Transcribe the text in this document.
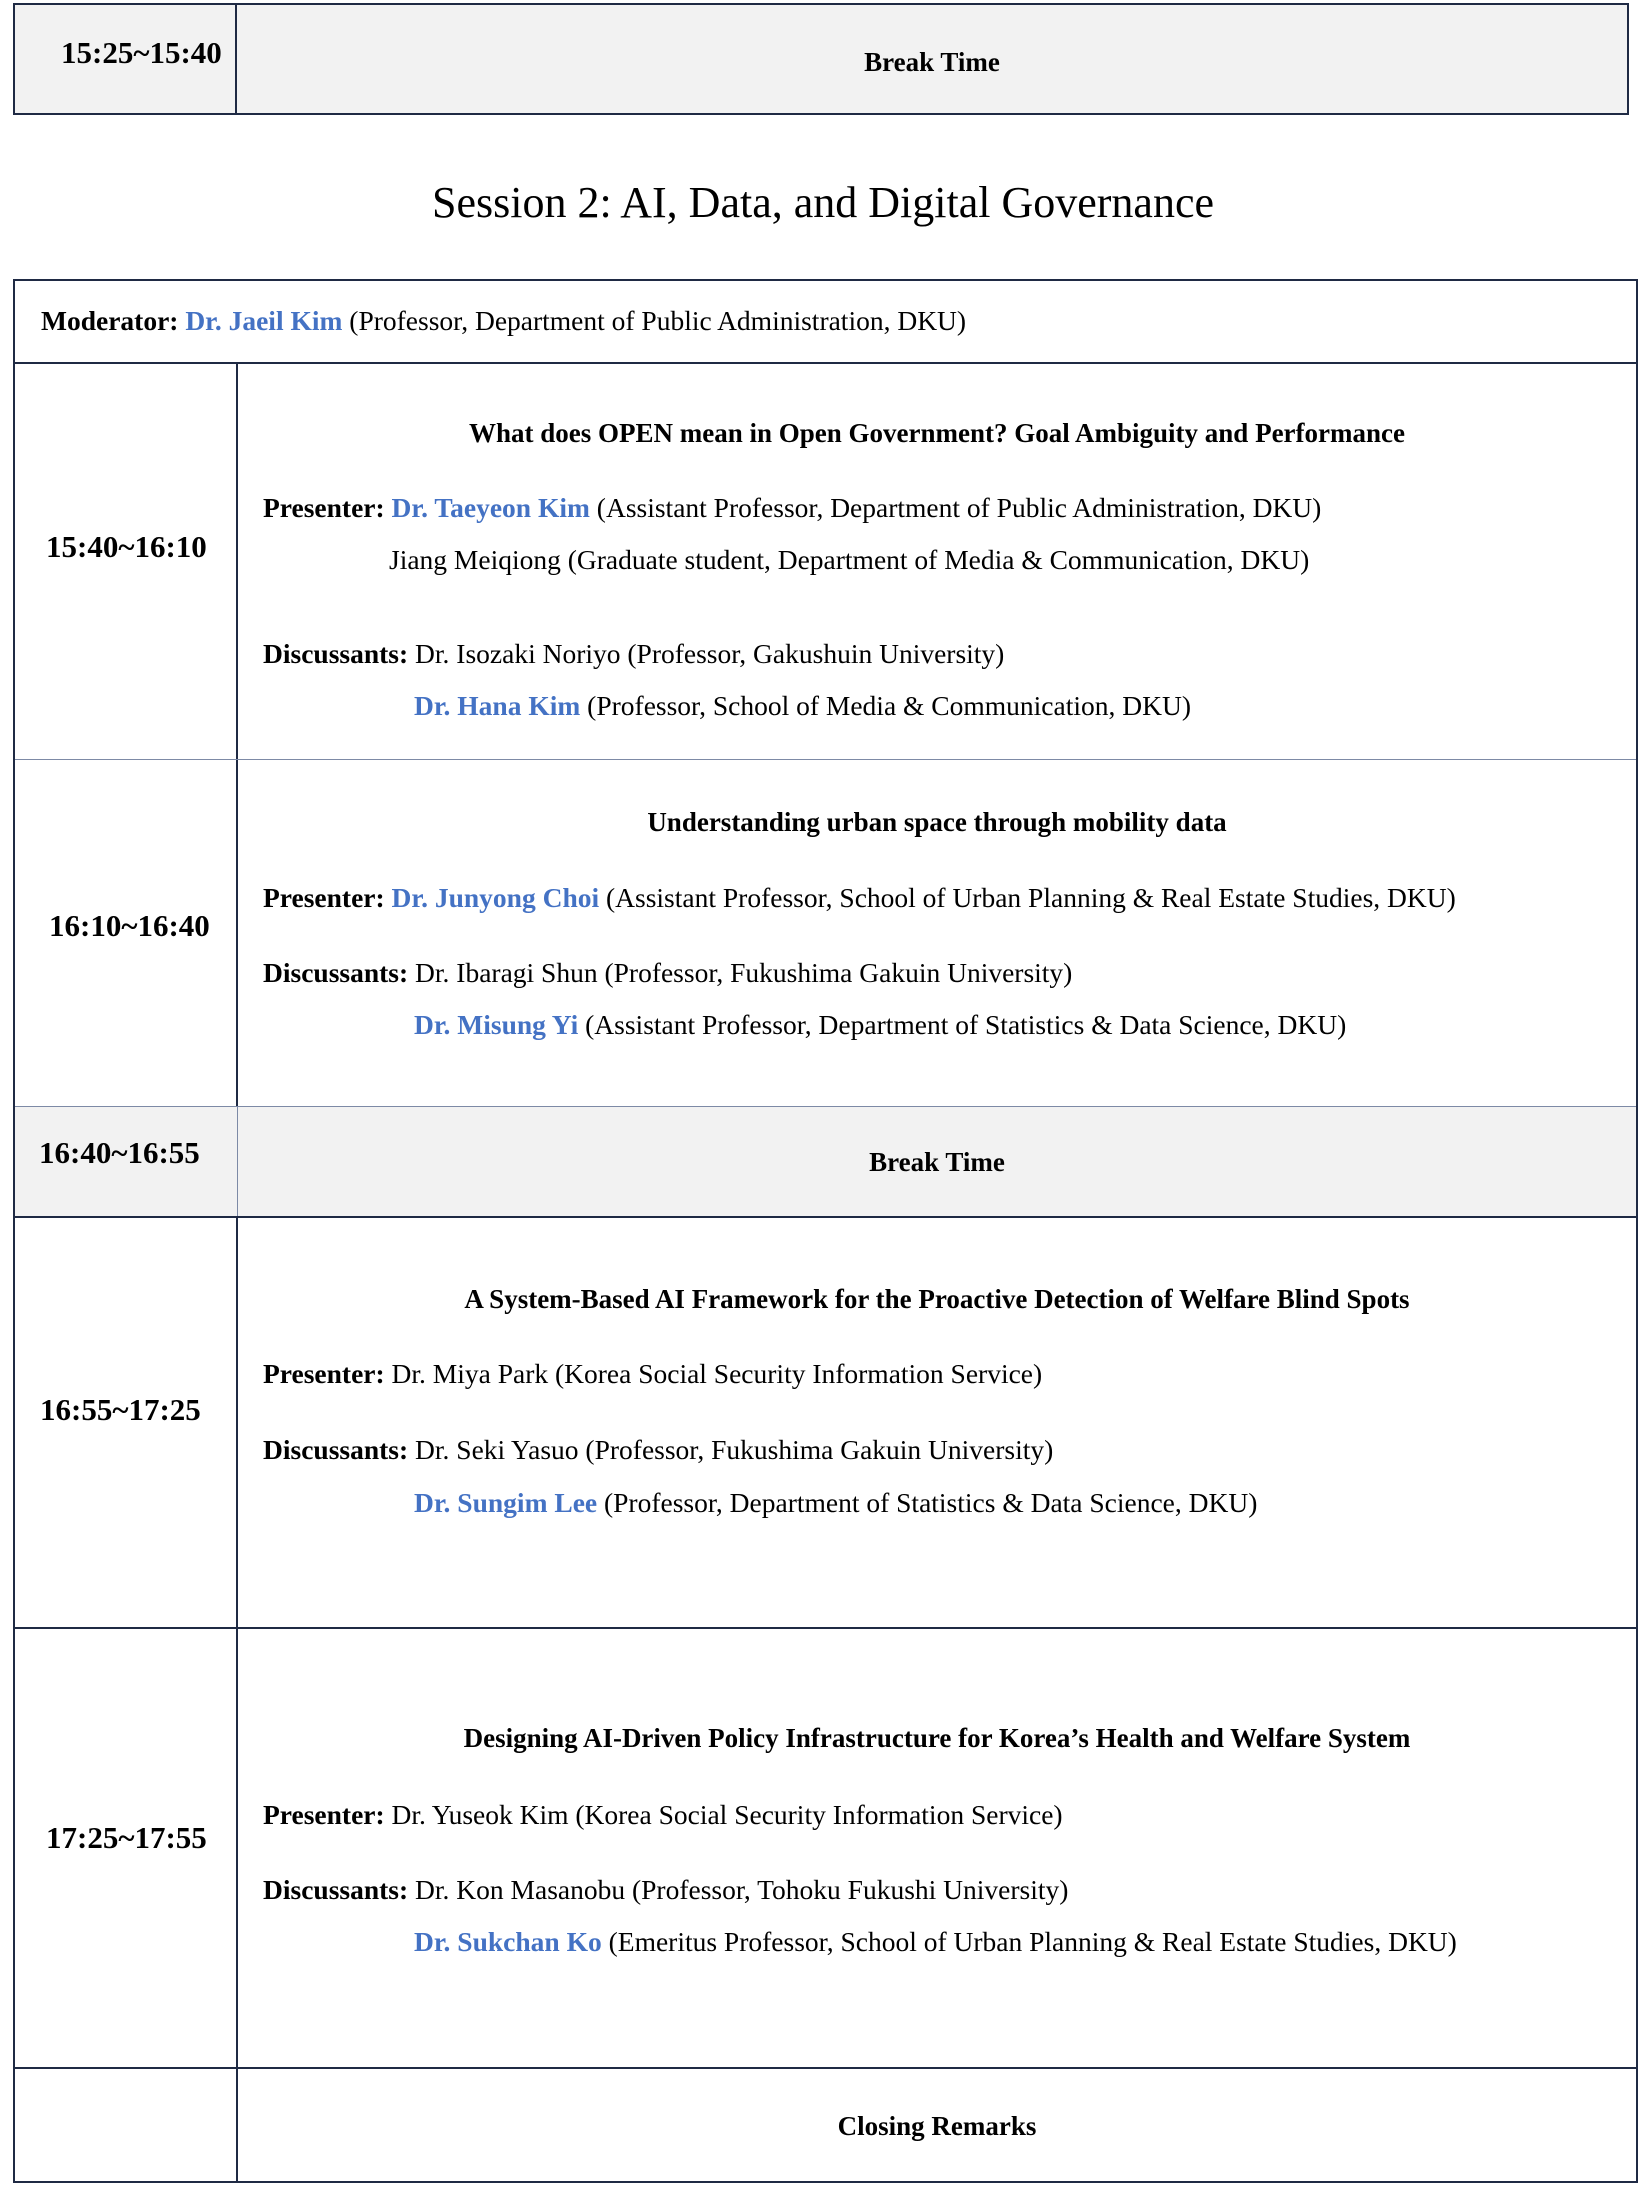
15:25~15:40	Break Time
Session 2: AI, Data, and Digital Governance
Moderator: Dr. Jaeil Kim (Professor, Department of Public Administration, DKU)
15:40~16:10
What does OPEN mean in Open Government? Goal Ambiguity and Performance
Presenter: Dr. Taeyeon Kim (Assistant Professor, Department of Public Administration, DKU)
Jiang Meiqiong (Graduate student, Department of Media & Communication, DKU)
Discussants: Dr. Isozaki Noriyo (Professor, Gakushuin University)
Dr. Hana Kim (Professor, School of Media & Communication, DKU)
16:10~16:40
Understanding urban space through mobility data
Presenter: Dr. Junyong Choi (Assistant Professor, School of Urban Planning & Real Estate Studies, DKU)
Discussants: Dr. Ibaragi Shun (Professor, Fukushima Gakuin University)
Dr. Misung Yi (Assistant Professor, Department of Statistics & Data Science, DKU)
16:40~16:55	Break Time
16:55~17:25
A System-Based AI Framework for the Proactive Detection of Welfare Blind Spots
Presenter: Dr. Miya Park (Korea Social Security Information Service)
Discussants: Dr. Seki Yasuo (Professor, Fukushima Gakuin University)
Dr. Sungim Lee (Professor, Department of Statistics & Data Science, DKU)
17:25~17:55
Designing AI-Driven Policy Infrastructure for Korea’s Health and Welfare System
Presenter: Dr. Yuseok Kim (Korea Social Security Information Service)
Discussants: Dr. Kon Masanobu (Professor, Tohoku Fukushi University)
Dr. Sukchan Ko (Emeritus Professor, School of Urban Planning & Real Estate Studies, DKU)
Closing Remarks
